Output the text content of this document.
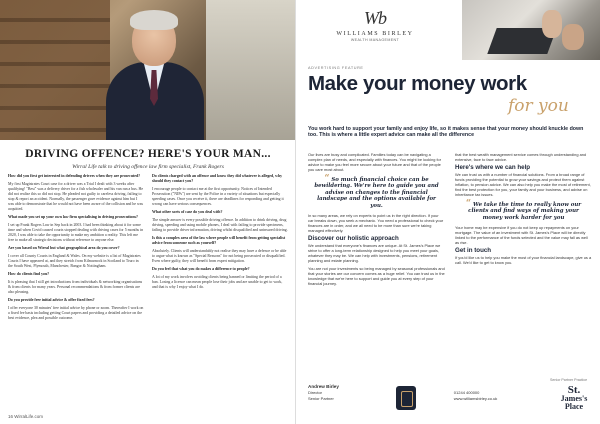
DRIVING OFFENCE? HERE'S YOUR MAN...
Wirral Life talk to driving offence law firm specialist, Frank Rogers

How did you first get interested in defending drivers when they are prosecuted?

My first Magistrates Court case for a driver was a Trial I dealt with 3 weeks after qualifying! "Best" was a delivery driver for a fish wholesaler and his van ran a bus. He did not realise this so did not stop. He pleaded not guilty to careless driving, failing to stop & report an accident. Normally, the passenger gave evidence against him but I was able to demonstrate that he would not have been aware of the collision and he was acquitted.

What made you set up your own law firm specialising in driving prosecutions?

I set up Frank Rogers Law in Sep back in 2003. I had been thinking about it for some time and when Covid caused courts stopped dealing with driving cases for 5 months in 2020, I was able to take the opportunity to make my ambition a reality. This left me free to make all strategic decisions without reference to anyone else.

Are you based on Wirral but what geographical area do you cover?

I cover all County Courts in England & Wales. On my website is a list of Magistrates Courts I have appeared at, and they stretch from Kilmarnock in Scotland to Truro in the South West, Plymouth, Manchester, Bangor & Nottingham.

How do clients find you?

It is pleasing that I still get introductions from individuals & networking organisations & from clients for many years. Personal recommendations & from former clients are also pleasing.

Do you provide free initial advice & offer fixed fees?

I offer everyone 30 minutes' free initial advice by phone or zoom. Thereafter I work on a fixed fee basis including getting Court papers and providing a detailed advice on the best evidence, plea and possible outcome.

Do clients charged with an offence and know they did whatever is alleged, why should they contact you?

I encourage people to contact me at the first opportunity. Notices of Intended Prosecution ("NIPs") are sent by the Police in a variety of situations but especially speeding cases. Once you receive it, there are deadlines for responding and getting it wrong can have serious consequences.

What other sorts of case do you deal with?

The simple answer is every possible driving offence. In addition to drink driving, drug driving, speeding and using mobile phones, I deal with failing to provide specimens, failing to provide driver information, driving whilst disqualified and uninsured driving.

Is this a complex area of the law where people will benefit from getting specialist advice from someone such as yourself?

Absolutely. Clients will understandably not realise they may have a defence or be able to argue what is known as "Special Reasons" for not being prosecuted or disqualified. Even where guilty, they will benefit from expert mitigation.

Do you feel that what you do makes a difference to people?

A lot of my work involves avoiding clients being banned or limiting the period of a ban. Losing a licence can mean people lose their jobs and are unable to get to work, and that is why I enjoy what I do.

16 WirralLife.com
Wb
WILLIAMS BIRLEY
WEALTH MANAGEMENT
ADVERTISING FEATURE
Make your money work
for you
You work hard to support your family and enjoy life, so it makes sense that your money should knuckle down too. This is where a little expert advice can make all the difference

Our lives are busy and complicated. Families today can be navigating a complex plan of needs, and especially with finances. You might be looking for advice to make you feel more secure about your future and that of the people you care most about.

“ So much financial choice can be bewildering. We're here to guide you and advise on changes to the financial landscape and the options available for you.

In so many areas, we rely on experts to point us in the right direction. If your car breaks down, you seek a mechanic. You need a professional to check your finances are in order, and we all need to be more than sure we're taking managed effectively.

Discover our holistic approach

We understand that everyone's finances are unique. At St. James's Place we strive to offer a long-term relationship designed to help you meet your goals, whatever they may be. We can help with investments, pensions, retirement planning and estate planning.

You are not your investments so being managed by seasonal professionals and that your stories are our concern comes as a huge relief. You can trust us in the knowledge that we're here to support and guide you at every step of your financial journey.

that the best wealth management service comes through understanding and extensive, face to face advice.

Here's where we can help

We can trust us with a number of financial solutions. From a broad range of funds providing the potential to grow your savings and protect them against inflation, to pension advice. We can also help you make the most of retirement, find the best protection for you, your family and your business, and advise on inheritance tax issues.

“ We take the time to really know our clients and find ways of making your money work harder for you

Your home may be expensive if you do not keep up repayments on your mortgage. The value of an investment with St. James's Place will be directly linked to the performance of the funds selected and the value may fall as well as rise.

Get in touch

If you'd like us to help you make the most of your financial landscape, give us a call. We'd like to get to know you.

Andrew Birley
Director
Senior Partner
01244 400000
www.williamsbirley.co.uk
Senior Partner Practice
St.
James's
Place
